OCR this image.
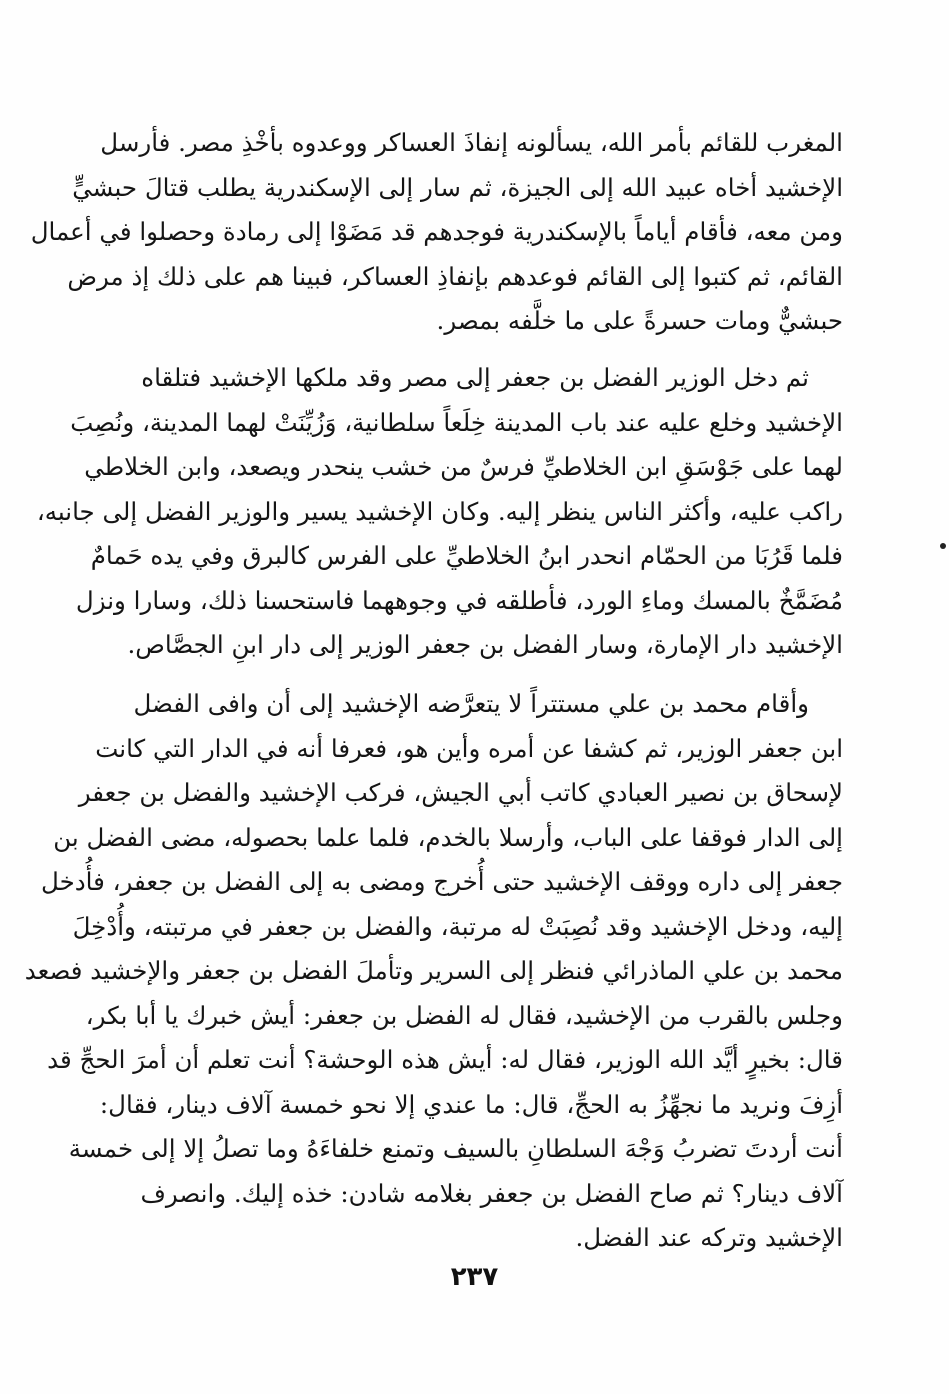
المغرب للقائم بأمر الله، يسألونه إنفاذَ العساكر ووعدوه بأخْذِ مصر. فأرسل
الإخشيد أخاه عبيد الله إلى الجيزة، ثم سار إلى الإسكندرية يطلب قتالَ حبشيٍّ
ومن معه، فأقام أياماً بالإسكندرية فوجدهم قد مَضَوْا إلى رمادة وحصلوا في أعمال
القائم، ثم كتبوا إلى القائم فوعدهم بإنفاذِ العساكر، فبينا هم على ذلك إذ مرض
حبشيٌّ ومات حسرةً على ما خلَّفه بمصر.

ثم دخل الوزير الفضل بن جعفر إلى مصر وقد ملكها الإخشيد فتلقاه
الإخشيد وخلع عليه عند باب المدينة خِلَعاً سلطانية، وَزُيِّنَتْ لهما المدينة، ونُصِبَ
لهما على جَوْسَقِ ابن الخلاطيِّ فرسٌ من خشب ينحدر ويصعد، وابن الخلاطي
راكب عليه، وأكثر الناس ينظر إليه. وكان الإخشيد يسير والوزير الفضل إلى جانبه،
فلما قَرُبَا من الحمّام انحدر ابنُ الخلاطيِّ على الفرس كالبرق وفي يده حَمامٌ
مُضَمَّخٌ بالمسك وماءِ الورد، فأطلقه في وجوههما فاستحسنا ذلك، وسارا ونزل
الإخشيد دار الإمارة، وسار الفضل بن جعفر الوزير إلى دار ابنِ الجصَّاص.

وأقام محمد بن علي مستتراً لا يتعرَّضه الإخشيد إلى أن وافى الفضل
ابن جعفر الوزير، ثم كشفا عن أمره وأين هو، فعرفا أنه في الدار التي كانت
لإسحاق بن نصير العبادي كاتب أبي الجيش، فركب الإخشيد والفضل بن جعفر
إلى الدار فوقفا على الباب، وأرسلا بالخدم، فلما علما بحصوله، مضى الفضل بن
جعفر إلى داره ووقف الإخشيد حتى أُخرج ومضى به إلى الفضل بن جعفر، فأُدخل
إليه، ودخل الإخشيد وقد نُصِبَتْ له مرتبة، والفضل بن جعفر في مرتبته، وأُدْخِلَ
محمد بن علي الماذرائي فنظر إلى السرير وتأملَ الفضل بن جعفر والإخشيد فصعد
وجلس بالقرب من الإخشيد، فقال له الفضل بن جعفر: أيش خبرك يا أبا بكر،
قال: بخيرٍ أيَّد الله الوزير، فقال له: أيش هذه الوحشة؟ أنت تعلم أن أمرَ الحجِّ قد
أزِفَ ونريد ما نجهِّزُ به الحجِّ، قال: ما عندي إلا نحو خمسة آلاف دينار، فقال:
أنت أردتَ تضربُ وَجْهَ السلطانِ بالسيف وتمنع خلفاءَهُ وما تصلُ إلا إلى خمسة
آلاف دينار؟ ثم صاح الفضل بن جعفر بغلامه شادن: خذه إليك. وانصرف
الإخشيد وتركه عند الفضل.

٢٣٧
